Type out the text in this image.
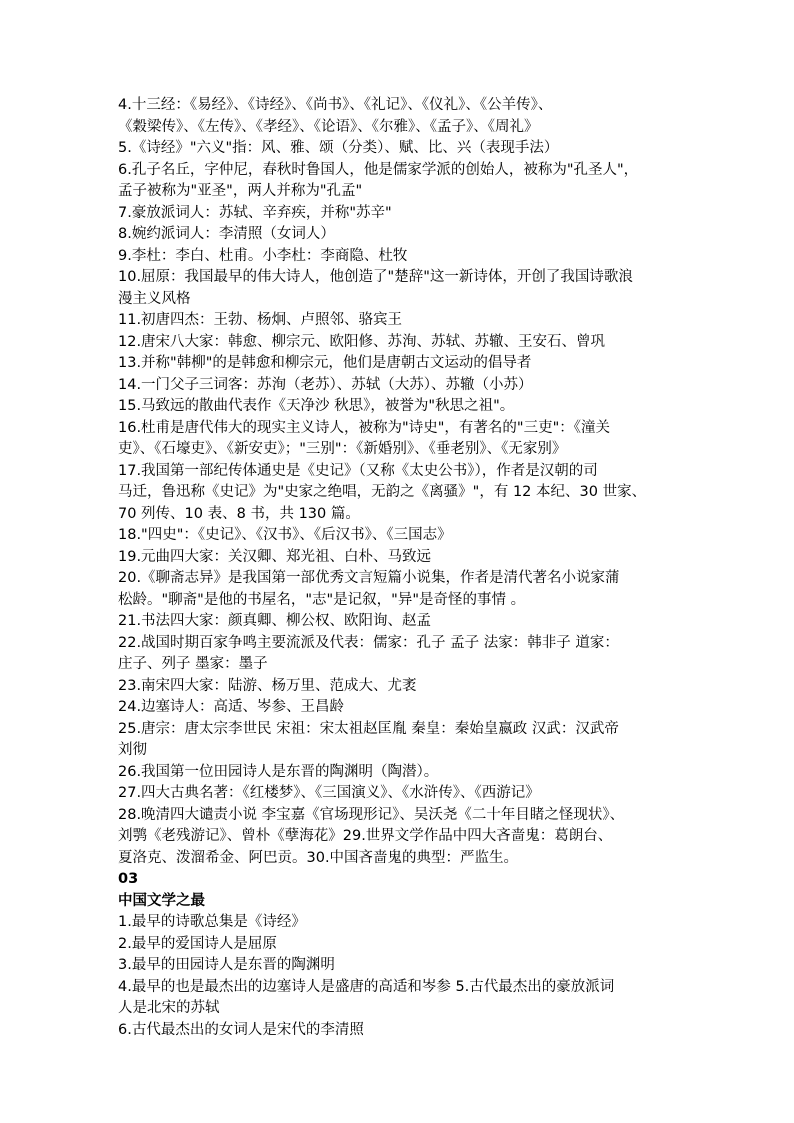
4.十三经：《易经》、《诗经》、《尚书》、《礼记》、《仪礼》、《公羊传》、
《穀梁传》、《左传》、《孝经》、《论语》、《尔雅》、《孟子》、《周礼》
5.《诗经》"六义"指：风、雅、颂（分类）、赋、比、兴（表现手法）
6.孔子名丘，字仲尼，春秋时鲁国人，他是儒家学派的创始人，被称为"孔圣人"，
孟子被称为"亚圣"，两人并称为"孔孟"
7.豪放派词人：苏轼、辛弃疾，并称"苏辛"
8.婉约派词人：李清照（女词人）
9.李杜：李白、杜甫。小李杜：李商隐、杜牧
10.屈原：我国最早的伟大诗人，他创造了"楚辞"这一新诗体，开创了我国诗歌浪
漫主义风格
11.初唐四杰：王勃、杨炯、卢照邻、骆宾王
12.唐宋八大家：韩愈、柳宗元、欧阳修、苏洵、苏轼、苏辙、王安石、曾巩
13.并称"韩柳"的是韩愈和柳宗元，他们是唐朝古文运动的倡导者
14.一门父子三词客：苏洵（老苏）、苏轼（大苏）、苏辙（小苏）
15.马致远的散曲代表作《天净沙 秋思》，被誉为"秋思之祖"。
16.杜甫是唐代伟大的现实主义诗人，被称为"诗史"，有著名的"三吏"：《潼关
吏》、《石壕吏》、《新安吏》；"三别"：《新婚别》、《垂老别》、《无家别》
17.我国第一部纪传体通史是《史记》（又称《太史公书》），作者是汉朝的司
马迁，鲁迅称《史记》为"史家之绝唱，无韵之《离骚》"，有 12 本纪、30 世家、
70 列传、10 表、8 书，共 130 篇。
18."四史"：《史记》、《汉书》、《后汉书》、《三国志》
19.元曲四大家：关汉卿、郑光祖、白朴、马致远
20.《聊斋志异》是我国第一部优秀文言短篇小说集，作者是清代著名小说家蒲
松龄。"聊斋"是他的书屋名，"志"是记叙，"异"是奇怪的事情 。
21.书法四大家：颜真卿、柳公权、欧阳询、赵孟
22.战国时期百家争鸣主要流派及代表：儒家：孔子 孟子 法家：韩非子 道家：
庄子、列子 墨家：墨子
23.南宋四大家：陆游、杨万里、范成大、尤袤
24.边塞诗人：高适、岑参、王昌龄
25.唐宗：唐太宗李世民 宋祖：宋太祖赵匡胤 秦皇：秦始皇嬴政 汉武：汉武帝
刘彻
26.我国第一位田园诗人是东晋的陶渊明（陶潜）。
27.四大古典名著：《红楼梦》、《三国演义》、《水浒传》、《西游记》
28.晚清四大谴责小说 李宝嘉《官场现形记》、吴沃尧《二十年目睹之怪现状》、
刘鹗《老残游记》、曾朴《孽海花》29.世界文学作品中四大吝啬鬼：葛朗台、
夏洛克、泼溜希金、阿巴贡。30.中国吝啬鬼的典型：严监生。
03
中国文学之最
1.最早的诗歌总集是《诗经》
2.最早的爱国诗人是屈原
3.最早的田园诗人是东晋的陶渊明
4.最早的也是最杰出的边塞诗人是盛唐的高适和岑参 5.古代最杰出的豪放派词
人是北宋的苏轼
6.古代最杰出的女词人是宋代的李清照
